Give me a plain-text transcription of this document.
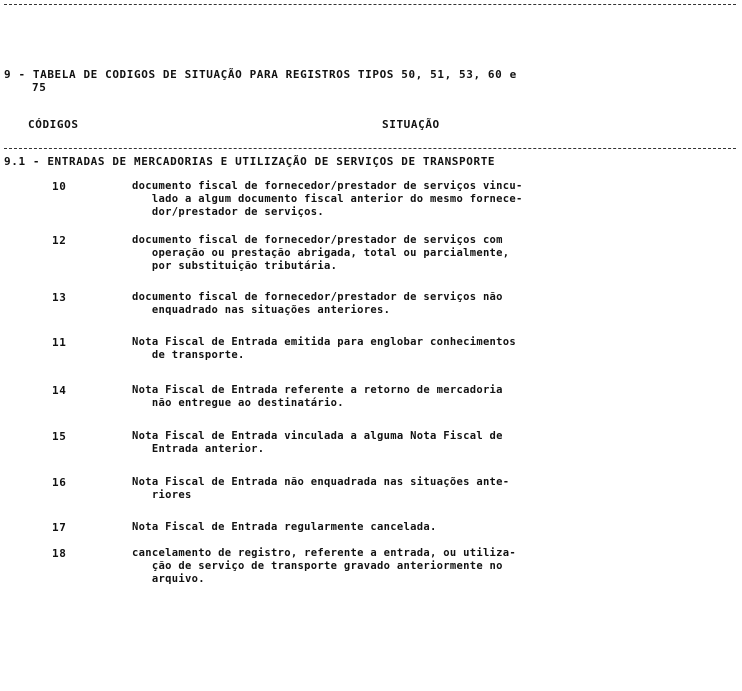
9 - TABELA DE CODIGOS DE SITUAÇÃO PARA REGISTROS TIPOS 50, 51, 53, 60 e
75
CÓDIGOS	SITUAÇÃO
9.1 - ENTRADAS DE MERCADORIAS E UTILIZAÇÃO DE SERVIÇOS DE TRANSPORTE
10	documento fiscal de fornecedor/prestador de serviços vincu-
lado a algum documento fiscal anterior do mesmo fornece-
dor/prestador de serviços.
12	documento fiscal de fornecedor/prestador de serviços com
operação ou prestação abrigada, total ou parcialmente,
por substituição tributária.
13	documento fiscal de fornecedor/prestador de serviços não
enquadrado nas situações anteriores.
11	Nota Fiscal de Entrada emitida para englobar conhecimentos
de transporte.
14	Nota Fiscal de Entrada referente a retorno de mercadoria
não entregue ao destinatário.
15	Nota Fiscal de Entrada vinculada a alguma Nota Fiscal de
Entrada anterior.
16	Nota Fiscal de Entrada não enquadrada nas situações ante-
riores
17	Nota Fiscal de Entrada regularmente cancelada.
18	cancelamento de registro, referente a entrada, ou utiliza-
ção de serviço de transporte gravado anteriormente no
arquivo.
